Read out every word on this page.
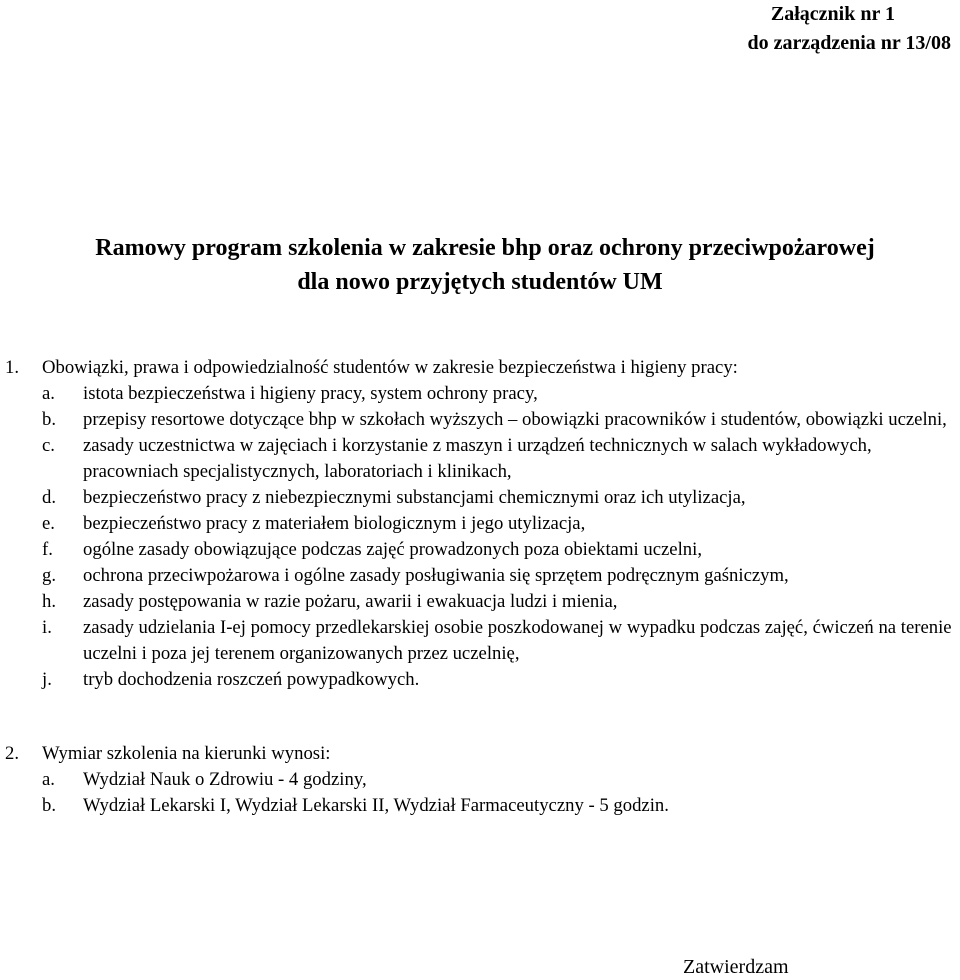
Załącznik nr 1
do zarządzenia nr 13/08
Ramowy program szkolenia w zakresie bhp oraz ochrony przeciwpożarowej
dla nowo przyjętych studentów UM
1. Obowiązki, prawa i odpowiedzialność studentów w zakresie bezpieczeństwa i higieny pracy:
a.	istota bezpieczeństwa i higieny pracy, system ochrony pracy,
b.	przepisy resortowe dotyczące bhp w szkołach wyższych – obowiązki pracowników i studentów, obowiązki uczelni,
c.	zasady uczestnictwa w zajęciach i korzystanie z maszyn i urządzeń technicznych w salach wykładowych, pracowniach specjalistycznych, laboratoriach i klinikach,
d.	bezpieczeństwo pracy z niebezpiecznymi substancjami chemicznymi oraz ich utylizacja,
e.	bezpieczeństwo pracy z materiałem biologicznym i jego utylizacja,
f.	ogólne zasady obowiązujące podczas zajęć prowadzonych poza obiektami uczelni,
g.	ochrona przeciwpożarowa i ogólne zasady posługiwania się sprzętem podręcznym gaśniczym,
h.	zasady postępowania w razie pożaru, awarii i ewakuacja ludzi i mienia,
i.	zasady udzielania I-ej pomocy przedlekarskiej osobie poszkodowanej w wypadku podczas zajęć, ćwiczeń na terenie uczelni i poza jej terenem organizowanych przez uczelnię,
j.	tryb dochodzenia roszczeń powypadkowych.
2. Wymiar szkolenia na kierunki wynosi:
a.	Wydział Nauk o Zdrowiu - 4 godziny,
b.	Wydział Lekarski I, Wydział Lekarski II, Wydział Farmaceutyczny - 5 godzin.
Zatwierdzam
